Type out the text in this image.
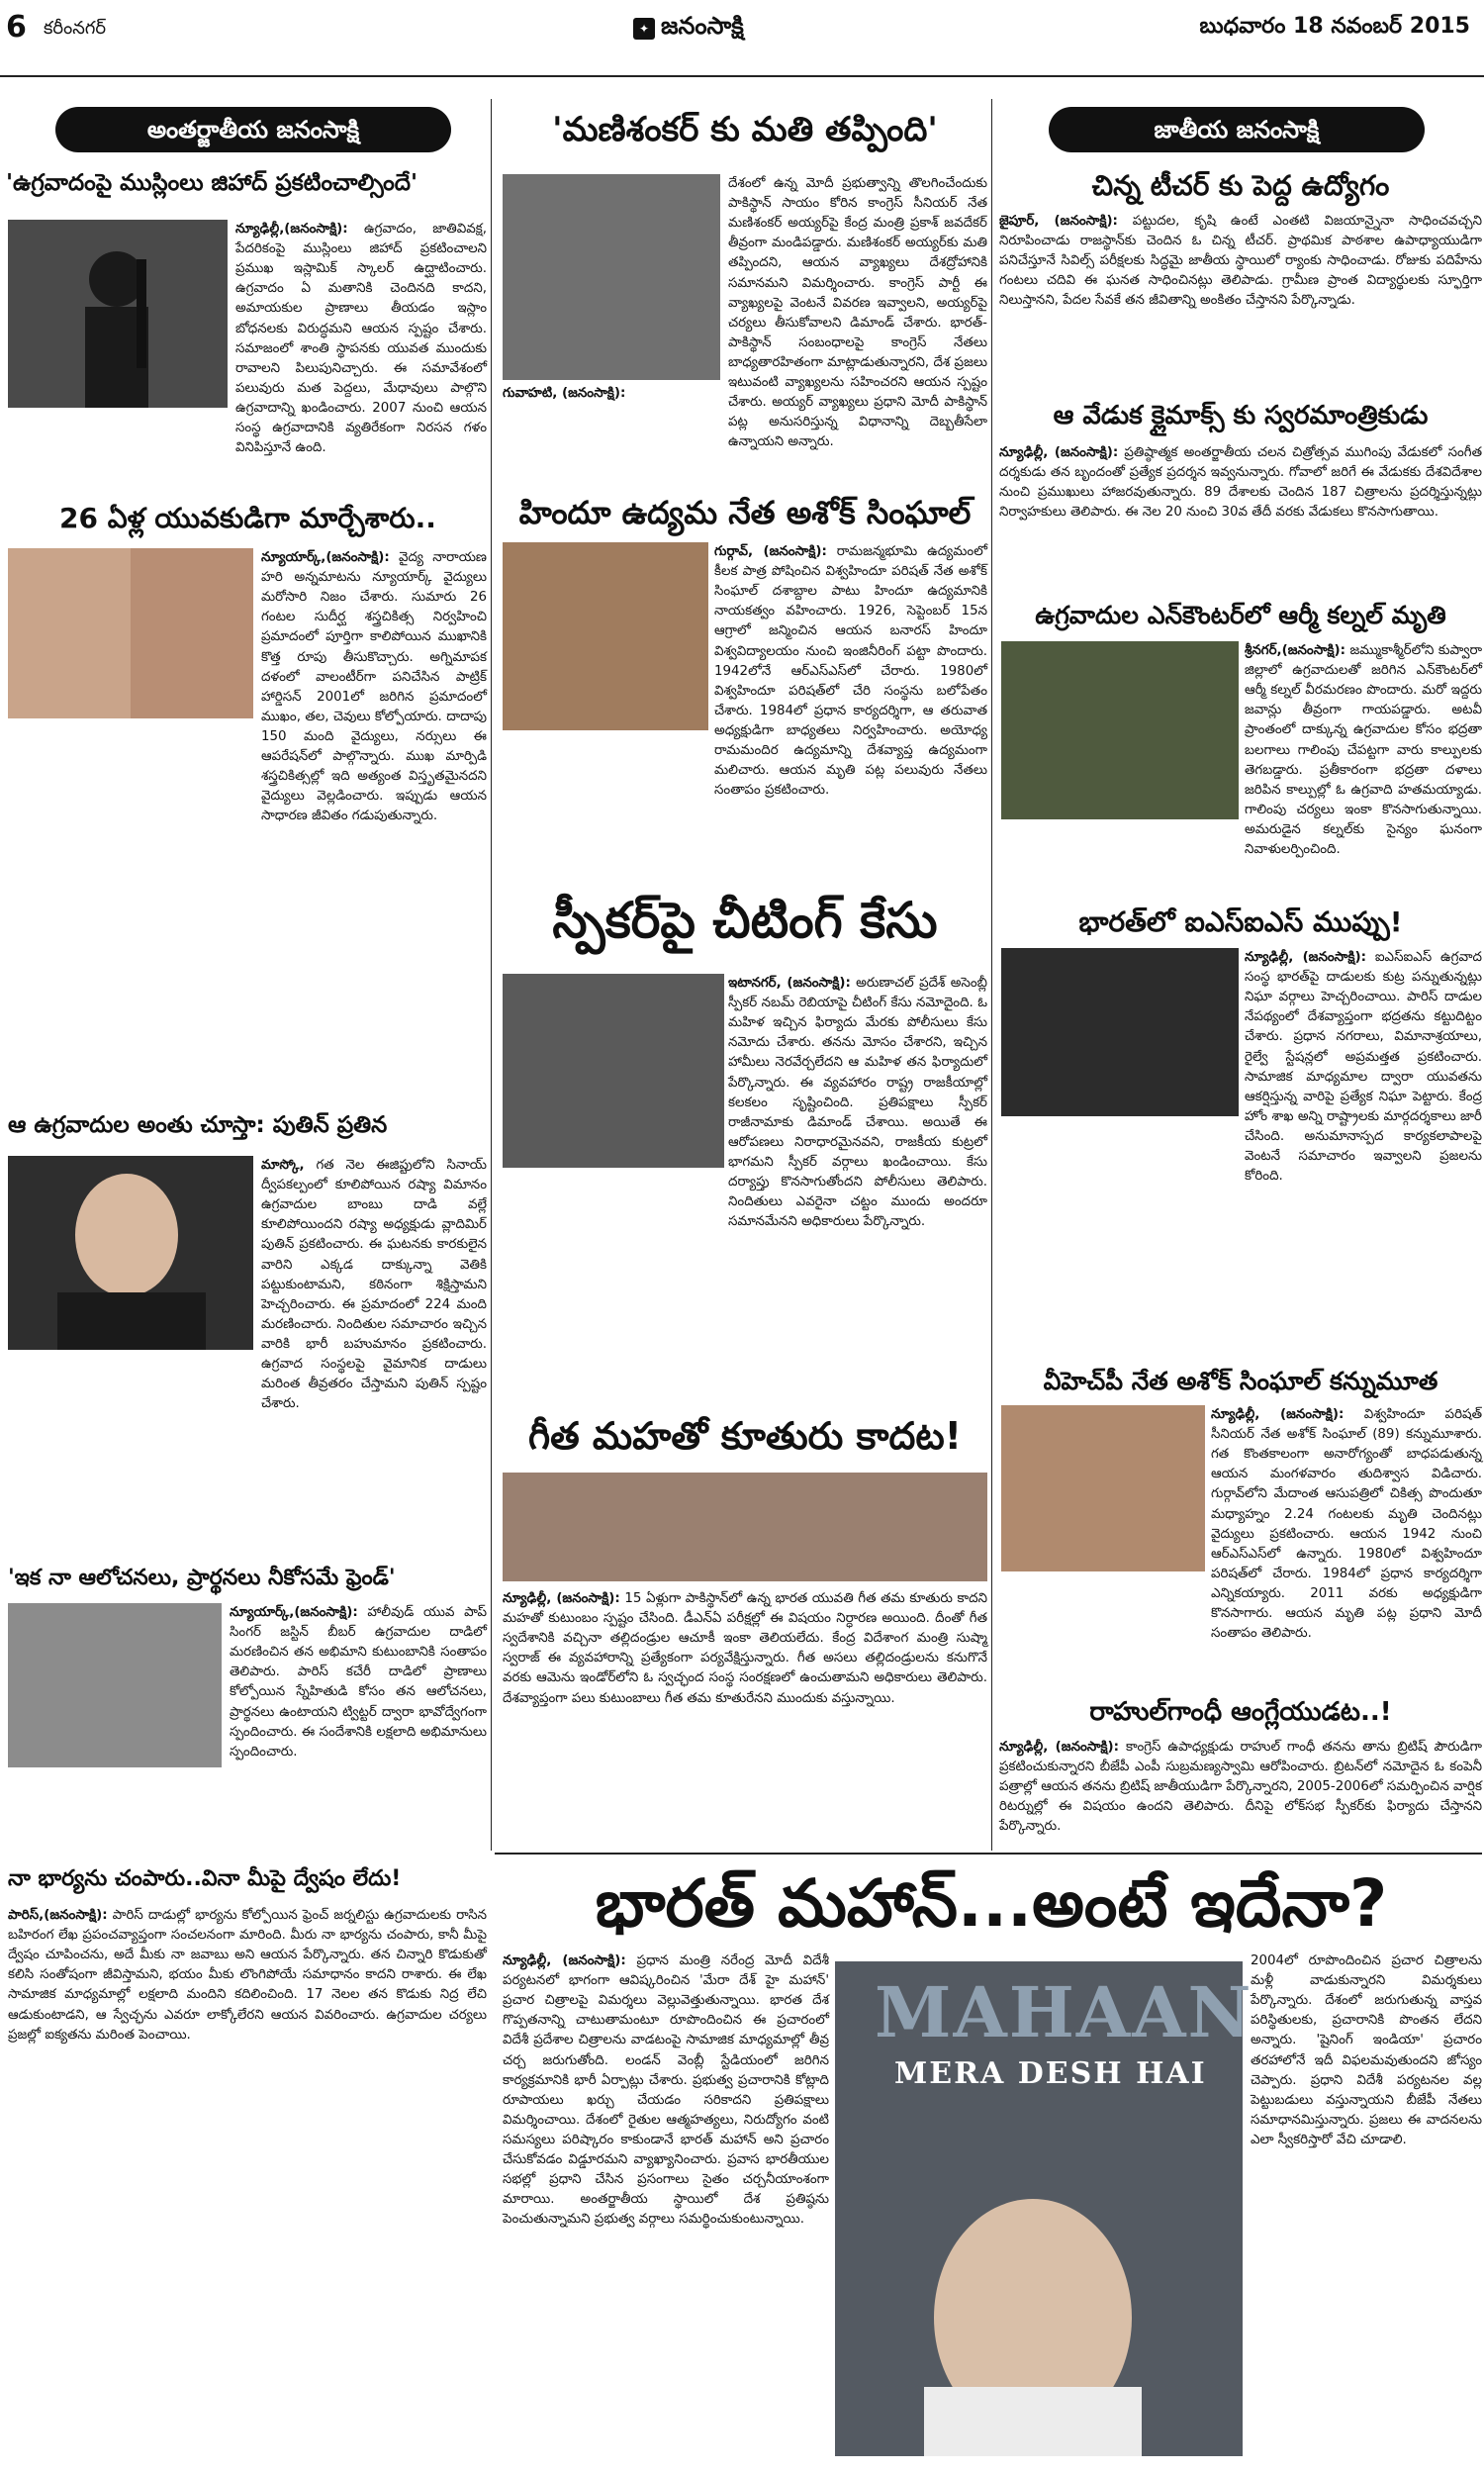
6 కరీంనగర్	✦ జనంసాక్షి	బుధవారం 18 నవంబర్ 2015
అంతర్జాతీయ జనంసాక్షి	జాతీయ జనంసాక్షి
'ఉగ్రవాదంపై ముస్లింలు జిహాద్ ప్రకటించాల్సిందే'
న్యూఢిల్లీ,(జనంసాక్షి): ఉగ్రవాదం, జాతివివక్ష, పేదరికంపై ముస్లింలు జిహాద్ ప్రకటించాలని ప్రముఖ ఇస్లామిక్ స్కాలర్ ఉద్ఘాటించారు. ఉగ్రవాదం ఏ మతానికి చెందినది కాదని, అమాయకుల ప్రాణాలు తీయడం ఇస్లాం బోధనలకు విరుద్ధమని ఆయన స్పష్టం చేశారు. సమాజంలో శాంతి స్థాపనకు యువత ముందుకు రావాలని పిలుపునిచ్చారు. ఈ సమావేశంలో పలువురు మత పెద్దలు, మేధావులు పాల్గొని ఉగ్రవాదాన్ని ఖండించారు. 2007 నుంచి ఆయన సంస్థ ఉగ్రవాదానికి వ్యతిరేకంగా నిరసన గళం వినిపిస్తూనే ఉంది.
26 ఏళ్ల యువకుడిగా మార్చేశారు..
న్యూయార్క్,(జనంసాక్షి): వైద్య నారాయణ హరి అన్నమాటను న్యూయార్క్ వైద్యులు మరోసారి నిజం చేశారు. సుమారు 26 గంటల సుదీర్ఘ శస్త్రచికిత్స నిర్వహించి ప్రమాదంలో పూర్తిగా కాలిపోయిన ముఖానికి కొత్త రూపు తీసుకొచ్చారు. అగ్నిమాపక దళంలో వాలంటీర్‌గా పనిచేసిన పాట్రిక్ హార్డిసన్ 2001లో జరిగిన ప్రమాదంలో ముఖం, తల, చెవులు కోల్పోయారు. దాదాపు 150 మంది వైద్యులు, నర్సులు ఈ ఆపరేషన్‌లో పాల్గొన్నారు. ముఖ మార్పిడి శస్త్రచికిత్సల్లో ఇది అత్యంత విస్తృతమైనదని వైద్యులు వెల్లడించారు. ఇప్పుడు ఆయన సాధారణ జీవితం గడుపుతున్నారు.
ఆ ఉగ్రవాదుల అంతు చూస్తా: పుతిన్ ప్రతిన
మాస్కో, గత నెల ఈజిప్టులోని సినాయ్ ద్వీపకల్పంలో కూలిపోయిన రష్యా విమానం ఉగ్రవాదుల బాంబు దాడి వల్లే కూలిపోయిందని రష్యా అధ్యక్షుడు వ్లాదిమిర్ పుతిన్ ప్రకటించారు. ఈ ఘటనకు కారకులైన వారిని ఎక్కడ దాక్కున్నా వెతికి పట్టుకుంటామని, కఠినంగా శిక్షిస్తామని హెచ్చరించారు. ఈ ప్రమాదంలో 224 మంది మరణించారు. నిందితుల సమాచారం ఇచ్చిన వారికి భారీ బహుమానం ప్రకటించారు. ఉగ్రవాద సంస్థలపై వైమానిక దాడులు మరింత తీవ్రతరం చేస్తామని పుతిన్ స్పష్టం చేశారు.
'ఇక నా ఆలోచనలు, ప్రార్థనలు నీకోసమే ఫ్రెండ్'
న్యూయార్క్,(జనంసాక్షి): హాలీవుడ్ యువ పాప్ సింగర్ జస్టిన్ బీబర్ ఉగ్రవాదుల దాడిలో మరణించిన తన అభిమాని కుటుంబానికి సంతాపం తెలిపారు. పారిస్ కచేరీ దాడిలో ప్రాణాలు కోల్పోయిన స్నేహితుడి కోసం తన ఆలోచనలు, ప్రార్థనలు ఉంటాయని ట్విట్టర్ ద్వారా భావోద్వేగంగా స్పందించారు. ఈ సందేశానికి లక్షలాది అభిమానులు స్పందించారు.
నా భార్యను చంపారు..వినా మీపై ద్వేషం లేదు!
పారిస్,(జనంసాక్షి): పారిస్ దాడుల్లో భార్యను కోల్పోయిన ఫ్రెంచ్ జర్నలిస్టు ఉగ్రవాదులకు రాసిన బహిరంగ లేఖ ప్రపంచవ్యాప్తంగా సంచలనంగా మారింది. మీరు నా భార్యను చంపారు, కానీ మీపై ద్వేషం చూపించను, అదే మీకు నా జవాబు అని ఆయన పేర్కొన్నారు. తన చిన్నారి కొడుకుతో కలిసి సంతోషంగా జీవిస్తామని, భయం మీకు లొంగిపోయే సమాధానం కాదని రాశారు. ఈ లేఖ సామాజిక మాధ్యమాల్లో లక్షలాది మందిని కదిలించింది. 17 నెలల తన కొడుకు నిద్ర లేచి ఆడుకుంటాడని, ఆ స్వేచ్ఛను ఎవరూ లాక్కోలేరని ఆయన వివరించారు. ఉగ్రవాదుల చర్యలు ప్రజల్లో ఐక్యతను మరింత పెంచాయి.
'మణిశంకర్ కు మతి తప్పింది'
దేశంలో ఉన్న మోదీ ప్రభుత్వాన్ని తొలగించేందుకు పాకిస్థాన్ సాయం కోరిన కాంగ్రెస్ సీనియర్ నేత మణిశంకర్ అయ్యర్‌పై కేంద్ర మంత్రి ప్రకాశ్ జవదేకర్ తీవ్రంగా మండిపడ్డారు. మణిశంకర్ అయ్యర్‌కు మతి తప్పిందని, ఆయన వ్యాఖ్యలు దేశద్రోహానికి సమానమని విమర్శించారు. కాంగ్రెస్ పార్టీ ఈ వ్యాఖ్యలపై వెంటనే వివరణ ఇవ్వాలని, అయ్యర్‌పై చర్యలు తీసుకోవాలని డిమాండ్ చేశారు. భారత్-పాకిస్థాన్ సంబంధాలపై కాంగ్రెస్ నేతలు బాధ్యతారహితంగా మాట్లాడుతున్నారని, దేశ ప్రజలు ఇటువంటి వ్యాఖ్యలను సహించరని ఆయన స్పష్టం చేశారు. అయ్యర్ వ్యాఖ్యలు ప్రధాని మోదీ పాకిస్థాన్ పట్ల అనుసరిస్తున్న విధానాన్ని దెబ్బతీసేలా ఉన్నాయని అన్నారు.
గువాహటి, (జనంసాక్షి):
హిందూ ఉద్యమ నేత అశోక్ సింఘాల్
గుర్గావ్, (జనంసాక్షి): రామజన్మభూమి ఉద్యమంలో కీలక పాత్ర పోషించిన విశ్వహిందూ పరిషత్ నేత అశోక్ సింఘాల్ దశాబ్దాల పాటు హిందూ ఉద్యమానికి నాయకత్వం వహించారు. 1926, సెప్టెంబర్ 15న ఆగ్రాలో జన్మించిన ఆయన బనారస్ హిందూ విశ్వవిద్యాలయం నుంచి ఇంజినీరింగ్ పట్టా పొందారు. 1942లోనే ఆర్ఎస్ఎస్‌లో చేరారు. 1980లో విశ్వహిందూ పరిషత్‌లో చేరి సంస్థను బలోపేతం చేశారు. 1984లో ప్రధాన కార్యదర్శిగా, ఆ తరువాత అధ్యక్షుడిగా బాధ్యతలు నిర్వహించారు. అయోధ్య రామమందిర ఉద్యమాన్ని దేశవ్యాప్త ఉద్యమంగా మలిచారు. ఆయన మృతి పట్ల పలువురు నేతలు సంతాపం ప్రకటించారు.
స్పీకర్‌పై చీటింగ్ కేసు
ఇటానగర్, (జనంసాక్షి): అరుణాచల్ ప్రదేశ్ అసెంబ్లీ స్పీకర్ నబమ్ రెబియాపై చీటింగ్ కేసు నమోదైంది. ఓ మహిళ ఇచ్చిన ఫిర్యాదు మేరకు పోలీసులు కేసు నమోదు చేశారు. తనను మోసం చేశారని, ఇచ్చిన హామీలు నెరవేర్చలేదని ఆ మహిళ తన ఫిర్యాదులో పేర్కొన్నారు. ఈ వ్యవహారం రాష్ట్ర రాజకీయాల్లో కలకలం సృష్టించింది. ప్రతిపక్షాలు స్పీకర్ రాజీనామాకు డిమాండ్ చేశాయి. అయితే ఈ ఆరోపణలు నిరాధారమైనవని, రాజకీయ కుట్రలో భాగమని స్పీకర్ వర్గాలు ఖండించాయి. కేసు దర్యాప్తు కొనసాగుతోందని పోలీసులు తెలిపారు. నిందితులు ఎవరైనా చట్టం ముందు అందరూ సమానమేనని అధికారులు పేర్కొన్నారు.
గీత మహతో కూతురు కాదట!
న్యూఢిల్లీ, (జనంసాక్షి): 15 ఏళ్లుగా పాకిస్థాన్‌లో ఉన్న భారత యువతి గీత తమ కూతురు కాదని మహతో కుటుంబం స్పష్టం చేసింది. డీఎన్ఏ పరీక్షల్లో ఈ విషయం నిర్ధారణ అయింది. దీంతో గీత స్వదేశానికి వచ్చినా తల్లిదండ్రుల ఆచూకీ ఇంకా తెలియలేదు. కేంద్ర విదేశాంగ మంత్రి సుష్మా స్వరాజ్ ఈ వ్యవహారాన్ని ప్రత్యేకంగా పర్యవేక్షిస్తున్నారు. గీత అసలు తల్లిదండ్రులను కనుగొనే వరకు ఆమెను ఇండోర్‌లోని ఓ స్వచ్ఛంద సంస్థ సంరక్షణలో ఉంచుతామని అధికారులు తెలిపారు. దేశవ్యాప్తంగా పలు కుటుంబాలు గీత తమ కూతురేనని ముందుకు వస్తున్నాయి.
చిన్న టీచర్ కు పెద్ద ఉద్యోగం
జైపూర్, (జనంసాక్షి): పట్టుదల, కృషి ఉంటే ఎంతటి విజయాన్నైనా సాధించవచ్చని నిరూపించాడు రాజస్థాన్‌కు చెందిన ఓ చిన్న టీచర్. ప్రాథమిక పాఠశాల ఉపాధ్యాయుడిగా పనిచేస్తూనే సివిల్స్ పరీక్షలకు సిద్ధమై జాతీయ స్థాయిలో ర్యాంకు సాధించాడు. రోజుకు పదిహేను గంటలు చదివి ఈ ఘనత సాధించినట్లు తెలిపాడు. గ్రామీణ ప్రాంత విద్యార్థులకు స్ఫూర్తిగా నిలుస్తానని, పేదల సేవకే తన జీవితాన్ని అంకితం చేస్తానని పేర్కొన్నాడు.
ఆ వేడుక క్లైమాక్స్ కు స్వరమాంత్రికుడు
న్యూఢిల్లీ, (జనంసాక్షి): ప్రతిష్ఠాత్మక అంతర్జాతీయ చలన చిత్రోత్సవ ముగింపు వేడుకలో సంగీత దర్శకుడు తన బృందంతో ప్రత్యేక ప్రదర్శన ఇవ్వనున్నారు. గోవాలో జరిగే ఈ వేడుకకు దేశవిదేశాల నుంచి ప్రముఖులు హాజరవుతున్నారు. 89 దేశాలకు చెందిన 187 చిత్రాలను ప్రదర్శిస్తున్నట్లు నిర్వాహకులు తెలిపారు. ఈ నెల 20 నుంచి 30వ తేదీ వరకు వేడుకలు కొనసాగుతాయి.
ఉగ్రవాదుల ఎన్‌కౌంటర్‌లో ఆర్మీ కల్నల్ మృతి
శ్రీనగర్,(జనంసాక్షి): జమ్ముకాశ్మీర్‌లోని కుప్వారా జిల్లాలో ఉగ్రవాదులతో జరిగిన ఎన్‌కౌంటర్‌లో ఆర్మీ కల్నల్ వీరమరణం పొందారు. మరో ఇద్దరు జవాన్లు తీవ్రంగా గాయపడ్డారు. అటవీ ప్రాంతంలో దాక్కున్న ఉగ్రవాదుల కోసం భద్రతా బలగాలు గాలింపు చేపట్టగా వారు కాల్పులకు తెగబడ్డారు. ప్రతీకారంగా భద్రతా దళాలు జరిపిన కాల్పుల్లో ఓ ఉగ్రవాది హతమయ్యాడు. గాలింపు చర్యలు ఇంకా కొనసాగుతున్నాయి. అమరుడైన కల్నల్‌కు సైన్యం ఘనంగా నివాళులర్పించింది.
భారత్‌లో ఐఎస్ఐఎస్ ముప్పు!
న్యూఢిల్లీ, (జనంసాక్షి): ఐఎస్ఐఎస్ ఉగ్రవాద సంస్థ భారత్‌పై దాడులకు కుట్ర పన్నుతున్నట్లు నిఘా వర్గాలు హెచ్చరించాయి. పారిస్ దాడుల నేపథ్యంలో దేశవ్యాప్తంగా భద్రతను కట్టుదిట్టం చేశారు. ప్రధాన నగరాలు, విమానాశ్రయాలు, రైల్వే స్టేషన్లలో అప్రమత్తత ప్రకటించారు. సామాజిక మాధ్యమాల ద్వారా యువతను ఆకర్షిస్తున్న వారిపై ప్రత్యేక నిఘా పెట్టారు. కేంద్ర హోం శాఖ అన్ని రాష్ట్రాలకు మార్గదర్శకాలు జారీ చేసింది. అనుమానాస్పద కార్యకలాపాలపై వెంటనే సమాచారం ఇవ్వాలని ప్రజలను కోరింది.
వీహెచ్‌పీ నేత అశోక్ సింఘాల్ కన్నుమూత
న్యూఢిల్లీ, (జనంసాక్షి): విశ్వహిందూ పరిషత్ సీనియర్ నేత అశోక్ సింఘాల్ (89) కన్నుమూశారు. గత కొంతకాలంగా అనారోగ్యంతో బాధపడుతున్న ఆయన మంగళవారం తుదిశ్వాస విడిచారు. గుర్గావ్‌లోని మేదాంత ఆసుపత్రిలో చికిత్స పొందుతూ మధ్యాహ్నం 2.24 గంటలకు మృతి చెందినట్లు వైద్యులు ప్రకటించారు. ఆయన 1942 నుంచి ఆర్ఎస్ఎస్‌లో ఉన్నారు. 1980లో విశ్వహిందూ పరిషత్‌లో చేరారు. 1984లో ప్రధాన కార్యదర్శిగా ఎన్నికయ్యారు. 2011 వరకు అధ్యక్షుడిగా కొనసాగారు. ఆయన మృతి పట్ల ప్రధాని మోదీ సంతాపం తెలిపారు.
రాహుల్‌గాంధీ ఆంగ్లేయుడట..!
న్యూఢిల్లీ, (జనంసాక్షి): కాంగ్రెస్ ఉపాధ్యక్షుడు రాహుల్ గాంధీ తనను తాను బ్రిటిష్ పౌరుడిగా ప్రకటించుకున్నారని బీజేపీ ఎంపీ సుబ్రమణ్యస్వామి ఆరోపించారు. బ్రిటన్‌లో నమోదైన ఓ కంపెనీ పత్రాల్లో ఆయన తనను బ్రిటిష్ జాతీయుడిగా పేర్కొన్నారని, 2005-2006లో సమర్పించిన వార్షిక రిటర్నుల్లో ఈ విషయం ఉందని తెలిపారు. దీనిపై లోక్‌సభ స్పీకర్‌కు ఫిర్యాదు చేస్తానని పేర్కొన్నారు.
భారత్ మహాన్...అంటే ఇదేనా?
న్యూఢిల్లీ, (జనంసాక్షి): ప్రధాన మంత్రి నరేంద్ర మోదీ విదేశీ పర్యటనలో భాగంగా ఆవిష్కరించిన 'మేరా దేశ్ హై మహాన్' ప్రచార చిత్రాలపై విమర్శలు వెల్లువెత్తుతున్నాయి. భారత దేశ గొప్పతనాన్ని చాటుతామంటూ రూపొందించిన ఈ ప్రచారంలో విదేశీ ప్రదేశాల చిత్రాలను వాడటంపై సామాజిక మాధ్యమాల్లో తీవ్ర చర్చ జరుగుతోంది. లండన్ వెంబ్లీ స్టేడియంలో జరిగిన కార్యక్రమానికి భారీ ఏర్పాట్లు చేశారు. ప్రభుత్వ ప్రచారానికి కోట్లాది రూపాయలు ఖర్చు చేయడం సరికాదని ప్రతిపక్షాలు విమర్శించాయి. దేశంలో రైతుల ఆత్మహత్యలు, నిరుద్యోగం వంటి సమస్యలు పరిష్కారం కాకుండానే భారత్ మహాన్ అని ప్రచారం చేసుకోవడం విడ్డూరమని వ్యాఖ్యానించారు. ప్రవాస భారతీయుల సభల్లో ప్రధాని చేసిన ప్రసంగాలు సైతం చర్చనీయాంశంగా మారాయి. అంతర్జాతీయ స్థాయిలో దేశ ప్రతిష్ఠను పెంచుతున్నామని ప్రభుత్వ వర్గాలు సమర్థించుకుంటున్నాయి.
MAHAAN
MERA DESH HAI
2004లో రూపొందించిన ప్రచార చిత్రాలను మళ్లీ వాడుకున్నారని విమర్శకులు పేర్కొన్నారు. దేశంలో జరుగుతున్న వాస్తవ పరిస్థితులకు, ప్రచారానికి పొంతన లేదని అన్నారు. 'షైనింగ్ ఇండియా' ప్రచారం తరహాలోనే ఇదీ విఫలమవుతుందని జోస్యం చెప్పారు. ప్రధాని విదేశీ పర్యటనల వల్ల పెట్టుబడులు వస్తున్నాయని బీజేపీ నేతలు సమాధానమిస్తున్నారు. ప్రజలు ఈ వాదనలను ఎలా స్వీకరిస్తారో వేచి చూడాలి.
